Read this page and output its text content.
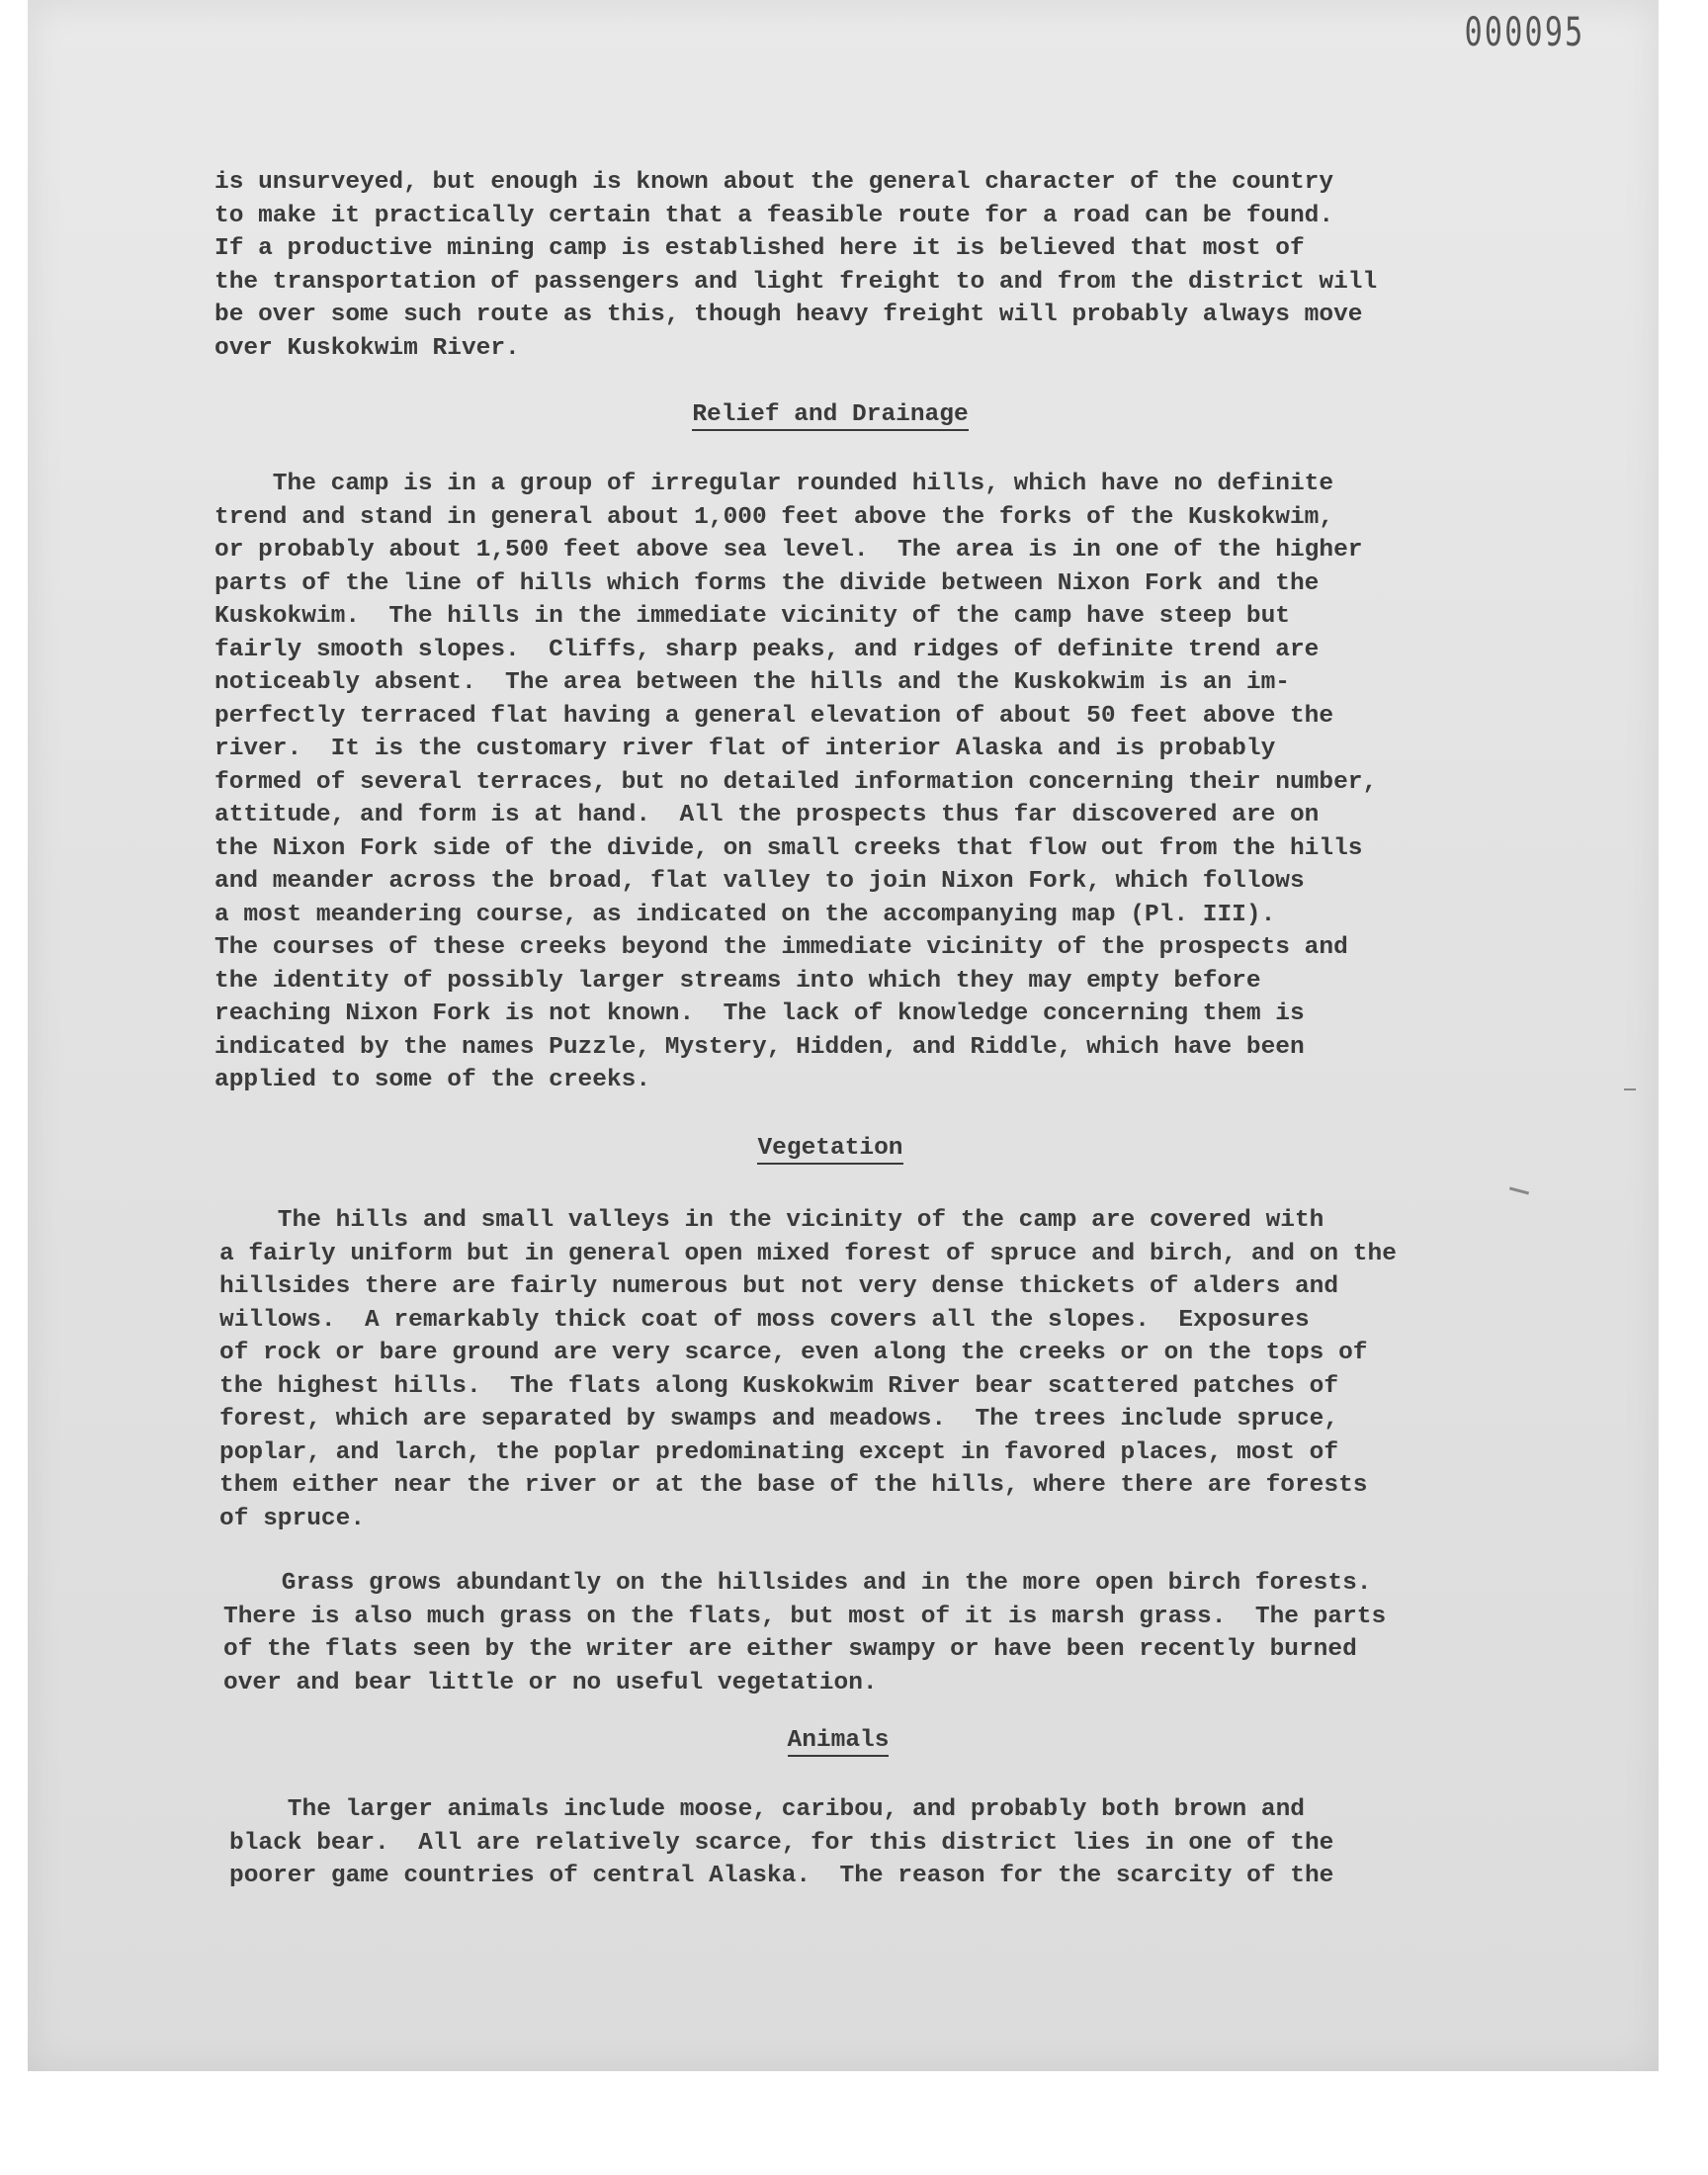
000095
is unsurveyed, but enough is known about the general character of the country
to make it practically certain that a feasible route for a road can be found.
If a productive mining camp is established here it is believed that most of
the transportation of passengers and light freight to and from the district will
be over some such route as this, though heavy freight will probably always move
over Kuskokwim River.
Relief and Drainage
The camp is in a group of irregular rounded hills, which have no definite
trend and stand in general about 1,000 feet above the forks of the Kuskokwim,
or probably about 1,500 feet above sea level.  The area is in one of the higher
parts of the line of hills which forms the divide between Nixon Fork and the
Kuskokwim.  The hills in the immediate vicinity of the camp have steep but
fairly smooth slopes.  Cliffs, sharp peaks, and ridges of definite trend are
noticeably absent.  The area between the hills and the Kuskokwim is an im-
perfectly terraced flat having a general elevation of about 50 feet above the
river.  It is the customary river flat of interior Alaska and is probably
formed of several terraces, but no detailed information concerning their number,
attitude, and form is at hand.  All the prospects thus far discovered are on
the Nixon Fork side of the divide, on small creeks that flow out from the hills
and meander across the broad, flat valley to join Nixon Fork, which follows
a most meandering course, as indicated on the accompanying map (Pl. III).
The courses of these creeks beyond the immediate vicinity of the prospects and
the identity of possibly larger streams into which they may empty before
reaching Nixon Fork is not known.  The lack of knowledge concerning them is
indicated by the names Puzzle, Mystery, Hidden, and Riddle, which have been
applied to some of the creeks.
Vegetation
The hills and small valleys in the vicinity of the camp are covered with
a fairly uniform but in general open mixed forest of spruce and birch, and on the
hillsides there are fairly numerous but not very dense thickets of alders and
willows.  A remarkably thick coat of moss covers all the slopes.  Exposures
of rock or bare ground are very scarce, even along the creeks or on the tops of
the highest hills.  The flats along Kuskokwim River bear scattered patches of
forest, which are separated by swamps and meadows.  The trees include spruce,
poplar, and larch, the poplar predominating except in favored places, most of
them either near the river or at the base of the hills, where there are forests
of spruce.
Grass grows abundantly on the hillsides and in the more open birch forests.
There is also much grass on the flats, but most of it is marsh grass.  The parts
of the flats seen by the writer are either swampy or have been recently burned
over and bear little or no useful vegetation.
Animals
The larger animals include moose, caribou, and probably both brown and
black bear.  All are relatively scarce, for this district lies in one of the
poorer game countries of central Alaska.  The reason for the scarcity of the
